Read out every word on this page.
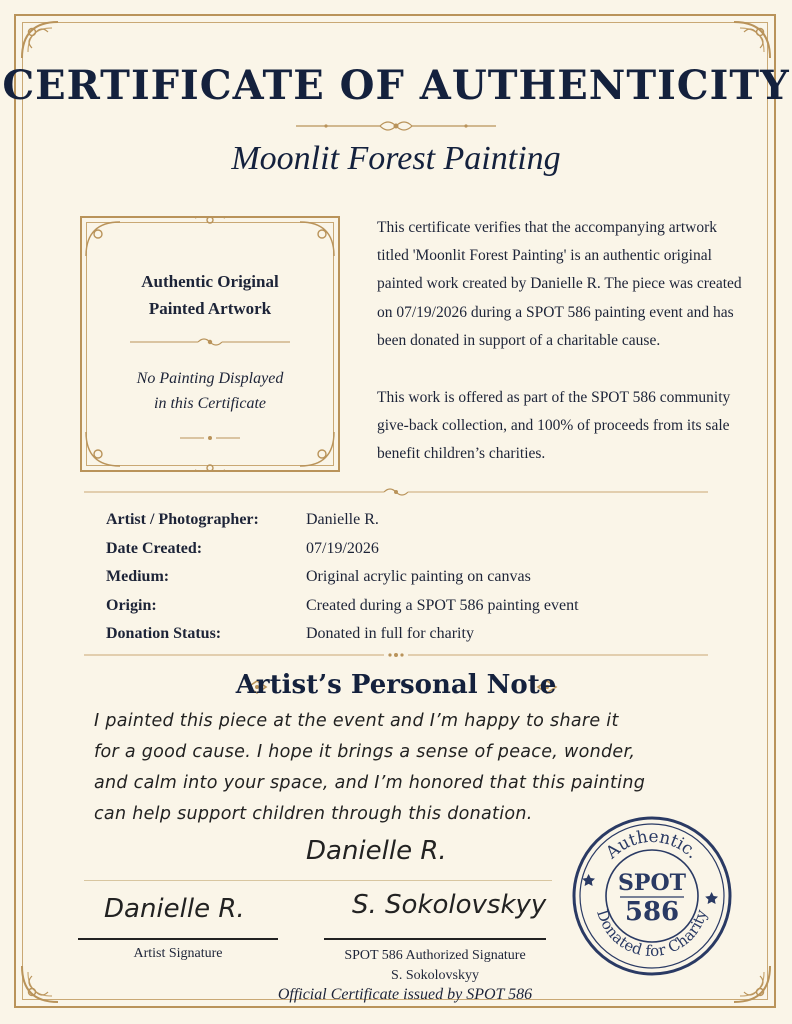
CERTIFICATE OF AUTHENTICITY
Moonlit Forest Painting
Authentic Original
Painted Artwork
No Painting Displayed
in this Certificate
This certificate verifies that the accompanying artwork titled 'Moonlit Forest Painting' is an authentic original painted work created by Danielle R. The piece was created on 07/19/2026 during a SPOT 586 painting event and has been donated in support of a charitable cause.
This work is offered as part of the SPOT 586 community give-back collection, and 100% of proceeds from its sale benefit children’s charities.
Artist / Photographer:	Danielle R.
Date Created:	07/19/2026
Medium:	Original acrylic painting on canvas
Origin:	Created during a SPOT 586 painting event
Donation Status:	Donated in full for charity
Artist’s Personal Note
I painted this piece at the event and I’m happy to share it
for a good cause. I hope it brings a sense of peace, wonder,
and calm into your space, and I’m honored that this painting
can help support children through this donation.
Danielle R.
Danielle R.	S. Sokolovskyy
Artist Signature	SPOT 586 Authorized Signature
S. Sokolovskyy
Authentic.
Donated for Charity
SPOT
586
Official Certificate issued by SPOT 586
